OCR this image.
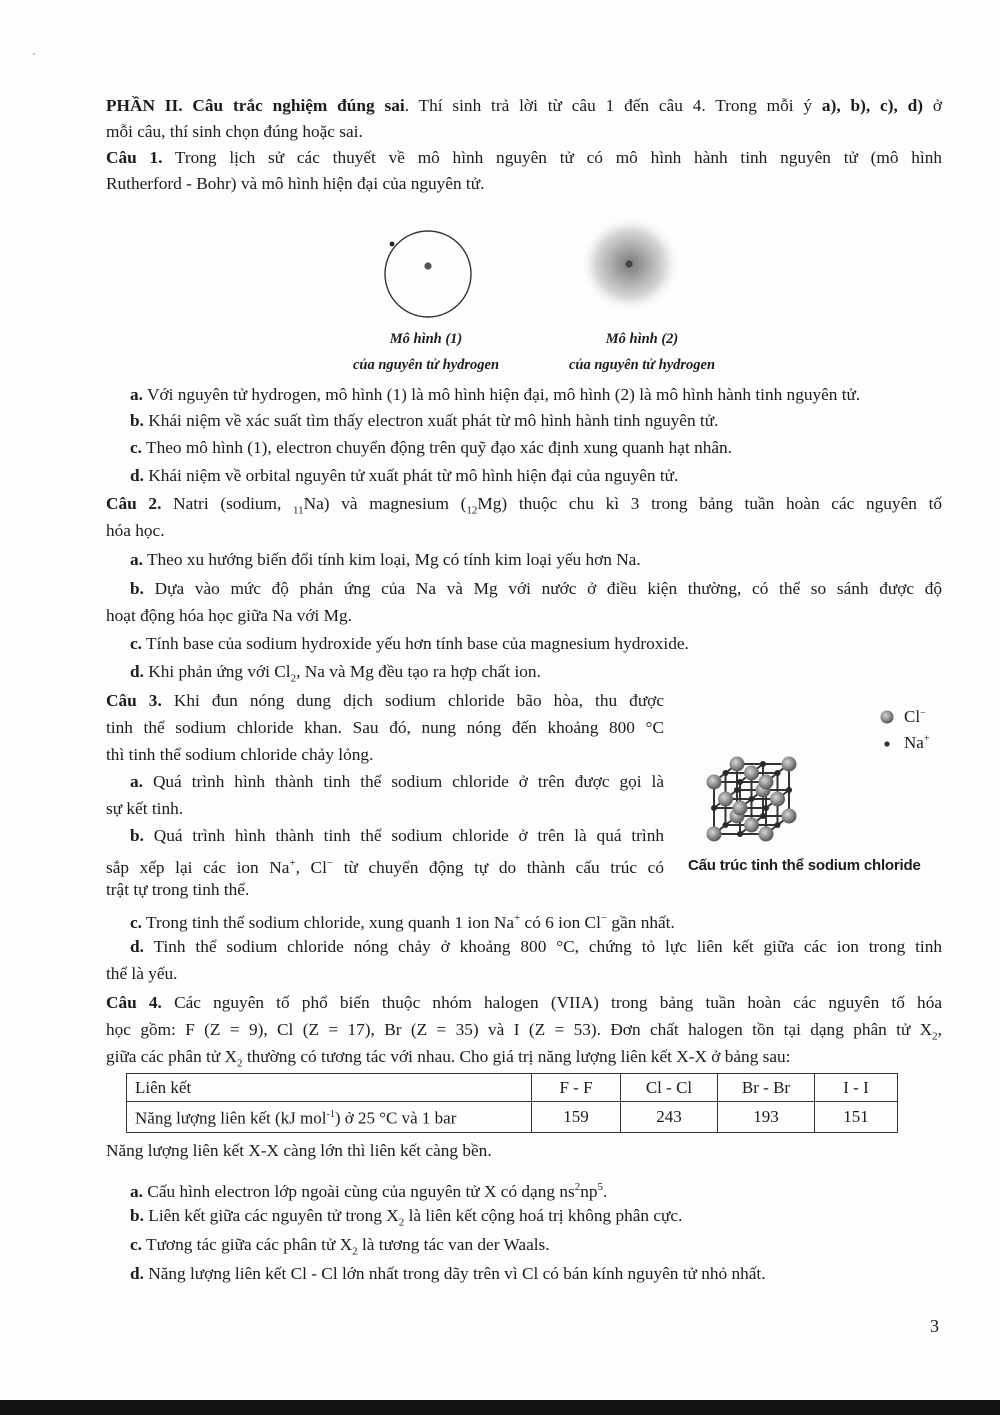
PHẦN II. Câu trắc nghiệm đúng sai. Thí sinh trả lời từ câu 1 đến câu 4. Trong mỗi ý a), b), c), d) ở
mỗi câu, thí sinh chọn đúng hoặc sai.
Câu 1. Trong lịch sử các thuyết về mô hình nguyên tử có mô hình hành tinh nguyên tử (mô hình
Rutherford - Bohr) và mô hình hiện đại của nguyên tử.
Mô hình (1)
của nguyên tử hydrogen
Mô hình (2)
của nguyên tử hydrogen
a. Với nguyên tử hydrogen, mô hình (1) là mô hình hiện đại, mô hình (2) là mô hình hành tinh nguyên tử.
b. Khái niệm về xác suất tìm thấy electron xuất phát từ mô hình hành tinh nguyên tử.
c. Theo mô hình (1), electron chuyển động trên quỹ đạo xác định xung quanh hạt nhân.
d. Khái niệm về orbital nguyên tử xuất phát từ mô hình hiện đại của nguyên tử.
Câu 2. Natri (sodium, $_{11}$Na) và magnesium $(_{12}Mg)$ thuộc chu kì 3 trong bảng tuần hoàn các nguyên tố
hóa học.
a. Theo xu hướng biến đổi tính kim loại, Mg có tính kim loại yếu hơn Na.
b. Dựa vào mức độ phản ứng của Na và Mg với nước ở điều kiện thường, có thể so sánh được độ
hoạt động hóa học giữa Na với Mg.
c. Tính base của sodium hydroxide yếu hơn tính base của magnesium hydroxide.
d. Khi phản ứng với $Cl_2$, Na và Mg đều tạo ra hợp chất ion.
Câu 3. Khi đun nóng dung dịch sodium chloride bão hòa, thu được
tinh thể sodium chloride khan. Sau đó, nung nóng đến khoảng 800 °C
thì tinh thể sodium chloride chảy lỏng.
a. Quá trình hình thành tinh thể sodium chloride ở trên được gọi là
sự kết tinh.
b. Quá trình hình thành tinh thể sodium chloride ở trên là quá trình
sắp xếp lại các ion Na+, Cl− từ chuyển động tự do thành cấu trúc có
trật tự trong tinh thể.
c. Trong tinh thể sodium chloride, xung quanh 1 ion Na+ có 6 ion Cl− gần nhất.
d. Tinh thể sodium chloride nóng chảy ở khoảng 800 °C, chứng tỏ lực liên kết giữa các ion trong tinh
thể là yếu.
Cl−
Na+
Cấu trúc tinh thể sodium chloride
Câu 4. Các nguyên tố phổ biến thuộc nhóm halogen (VIIA) trong bảng tuần hoàn các nguyên tố hóa
học gồm: F (Z = 9), Cl (Z = 17), Br (Z = 35) và I (Z = 53). Đơn chất halogen tồn tại dạng phân tử $X_2$,
giữa các phân tử $X_2$ thường có tương tác với nhau. Cho giá trị năng lượng liên kết X-X ở bảng sau:
Liên kết	F - F	Cl - Cl	Br - Br	I - I
Năng lượng liên kết (kJ mol$^{-1}$) ở 25 °C và 1 bar	159	243	193	151
Năng lượng liên kết X-X càng lớn thì liên kết càng bền.
a. Cấu hình electron lớp ngoài cùng của nguyên tử X có dạng $ns^2np^5$.
b. Liên kết giữa các nguyên tử trong $X_2$ là liên kết cộng hoá trị không phân cực.
c. Tương tác giữa các phân tử $X_2$ là tương tác van der Waals.
d. Năng lượng liên kết Cl - Cl lớn nhất trong dãy trên vì Cl có bán kính nguyên tử nhỏ nhất.
3
